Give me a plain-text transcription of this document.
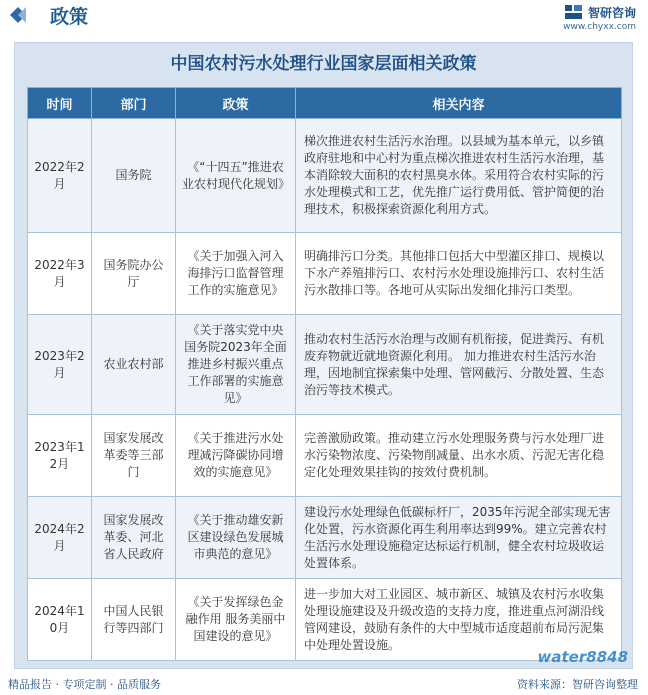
政策	智研咨询
www.chyxx.com
中国农村污水处理行业国家层面相关政策
时间	部门	政策	相关内容
2022年2月	国务院	《“十四五”推进农业农村现代化规划》	梯次推进农村生活污水治理。以县域为基本单元，以乡镇政府驻地和中心村为重点梯次推进农村生活污水治理，基本消除较大面积的农村黑臭水体。采用符合农村实际的污水处理模式和工艺，优先推广运行费用低、管护简便的治理技术，积极探索资源化利用方式。
2022年3月	国务院办公厅	《关于加强入河入海排污口监督管理工作的实施意见》	明确排污口分类。其他排口包括大中型灌区排口、规模以下水产养殖排污口、农村污水处理设施排污口、农村生活污水散排口等。各地可从实际出发细化排污口类型。
2023年2月	农业农村部	《关于落实党中央国务院2023年全面推进乡村振兴重点工作部署的实施意见》	推动农村生活污水治理与改厕有机衔接，促进粪污、有机废弃物就近就地资源化利用。 加力推进农村生活污水治理，因地制宜探索集中处理、管网截污、分散处置、生态治污等技术模式。
2023年12月	国家发展改革委等三部门	《关于推进污水处理减污降碳协同增效的实施意见》	完善激励政策。推动建立污水处理服务费与污水处理厂进水污染物浓度、污染物削减量、出水水质、污泥无害化稳定化处理效果挂钩的按效付费机制。
2024年2月	国家发展改革委、河北省人民政府	《关于推动雄安新区建设绿色发展城市典范的意见》	建设污水处理绿色低碳标杆厂，2035年污泥全部实现无害化处置，污水资源化再生利用率达到99%。建立完善农村生活污水处理设施稳定达标运行机制，健全农村垃圾收运处置体系。
2024年10月	中国人民银行等四部门	《关于发挥绿色金融作用 服务美丽中国建设的意见》	进一步加大对工业园区、城市新区、城镇及农村污水收集处理设施建设及升级改造的支持力度，推进重点河湖沿线管网建设，鼓励有条件的大中型城市适度超前布局污泥集中处理处置设施。
water8848
精品报告 · 专项定制 · 品质服务	资料来源：智研咨询整理
